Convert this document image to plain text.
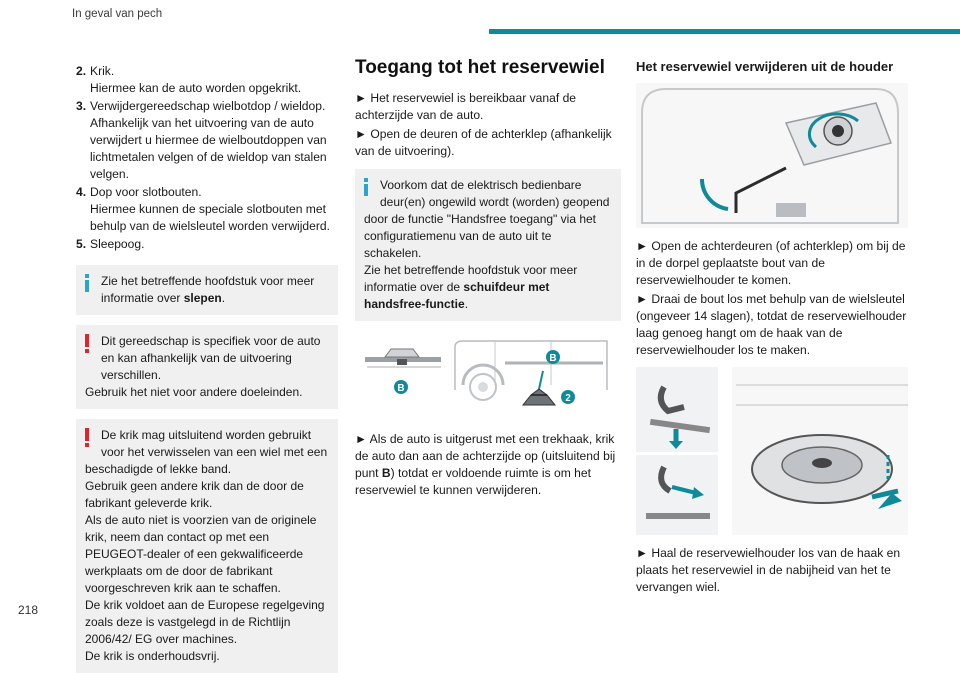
In geval van pech
218
2. Krik.
Hiermee kan de auto worden opgekrikt.
3. Verwijdergereedschap wielbotdop / wieldop.
Afhankelijk van het uitvoering van de auto verwijdert u hiermee de wielboutdoppen van lichtmetalen velgen of de wieldop van stalen velgen.
4. Dop voor slotbouten.
Hiermee kunnen de speciale slotbouten met behulp van de wielsleutel worden verwijderd.
5. Sleepoog.
Zie het betreffende hoofdstuk voor meer informatie over slepen.
Dit gereedschap is specifiek voor de auto en kan afhankelijk van de uitvoering verschillen.

Gebruik het niet voor andere doeleinden.

De krik mag uitsluitend worden gebruikt voor het verwisselen van een wiel met een

beschadigde of lekke band.

Gebruik geen andere krik dan de door de fabrikant geleverde krik.

Als de auto niet is voorzien van de originele krik, neem dan contact op met een PEUGEOT-dealer of een gekwalificeerde werkplaats om de door de fabrikant voorgeschreven krik aan te schaffen.

De krik voldoet aan de Europese regelgeving zoals deze is vastgelegd in de Richtlijn 2006/42/ EG over machines.

De krik is onderhoudsvrij.

Toegang tot het reservewiel

► Het reservewiel is bereikbaar vanaf de achterzijde van de auto.

► Open de deuren of de achterklep (afhankelijk van de uitvoering).

Voorkom dat de elektrisch bedienbare deur(en) ongewild wordt (worden) geopend

door de functie "Handsfree toegang" via het configuratiemenu van de auto uit te schakelen.

Zie het betreffende hoofdstuk voor meer informatie over de schuifdeur met handsfree-functie.

B
B
2

► Als de auto is uitgerust met een trekhaak, krik de auto dan aan de achterzijde op (uitsluitend bij punt B) totdat er voldoende ruimte is om het reservewiel te kunnen verwijderen.

Het reservewiel verwijderen uit de houder

► Open de achterdeuren (of achterklep) om bij de in de dorpel geplaatste bout van de reservewielhouder te komen.

► Draai de bout los met behulp van de wielsleutel (ongeveer 14 slagen), totdat de reservewielhouder laag genoeg hangt om de haak van de reservewielhouder los te maken.

► Haal de reservewielhouder los van de haak en plaats het reservewiel in de nabijheid van het te vervangen wiel.
